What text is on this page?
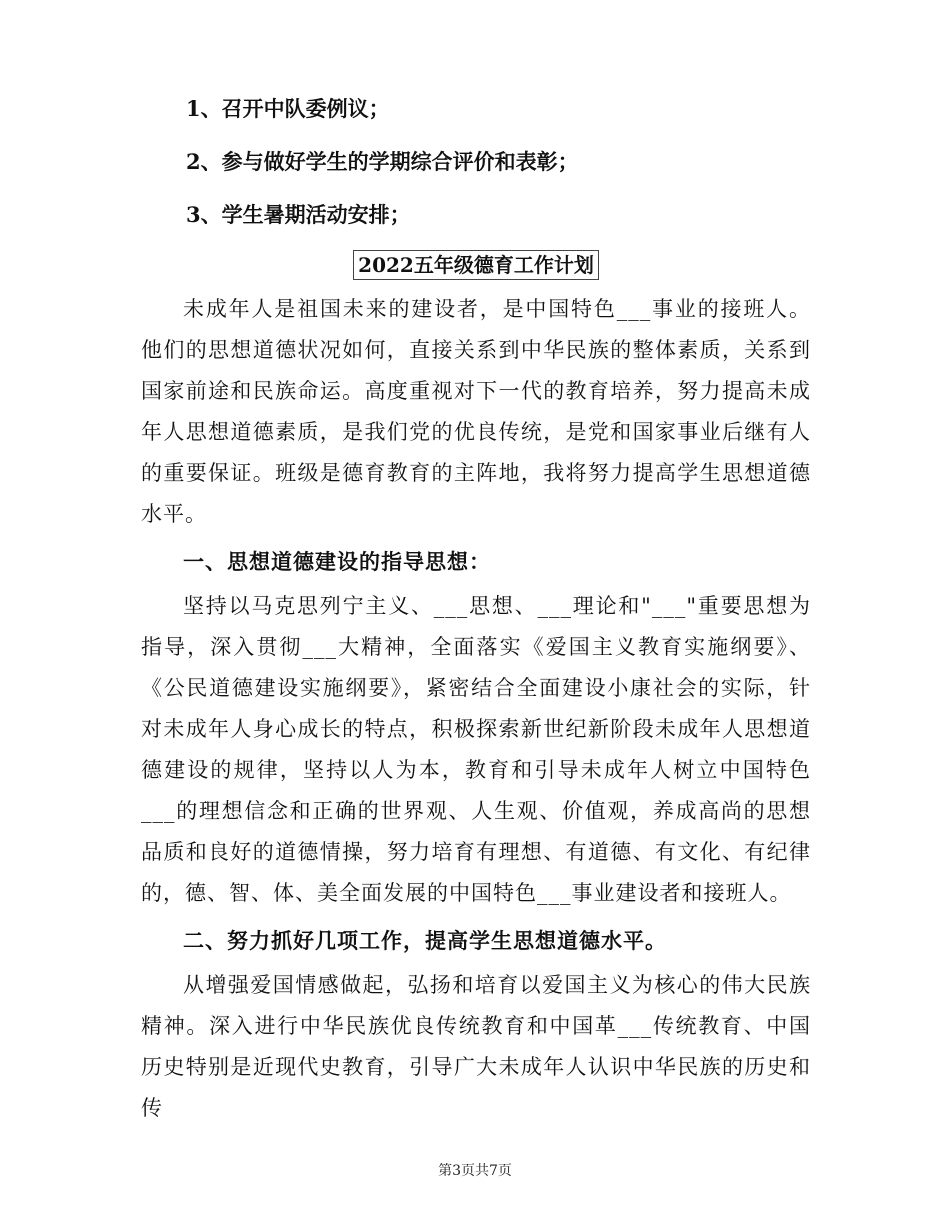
1、召开中队委例议；
2、参与做好学生的学期综合评价和表彰；
3、学生暑期活动安排；
2022五年级德育工作计划

未成年人是祖国未来的建设者，是中国特色___事业的接班人。他们的思想道德状况如何，直接关系到中华民族的整体素质，关系到国家前途和民族命运。高度重视对下一代的教育培养，努力提高未成年人思想道德素质，是我们党的优良传统，是党和国家事业后继有人的重要保证。班级是德育教育的主阵地，我将努力提高学生思想道德水平。

一、思想道德建设的指导思想：

坚持以马克思列宁主义、___思想、___理论和"___"重要思想为指导，深入贯彻___大精神，全面落实《爱国主义教育实施纲要》、《公民道德建设实施纲要》，紧密结合全面建设小康社会的实际，针对未成年人身心成长的特点，积极探索新世纪新阶段未成年人思想道德建设的规律，坚持以人为本，教育和引导未成年人树立中国特色___的理想信念和正确的世界观、人生观、价值观，养成高尚的思想品质和良好的道德情操，努力培育有理想、有道德、有文化、有纪律的，德、智、体、美全面发展的中国特色___事业建设者和接班人。

二、努力抓好几项工作，提高学生思想道德水平。

从增强爱国情感做起，弘扬和培育以爱国主义为核心的伟大民族精神。深入进行中华民族优良传统教育和中国革___传统教育、中国历史特别是近现代史教育，引导广大未成年人认识中华民族的历史和传

第3页共7页
